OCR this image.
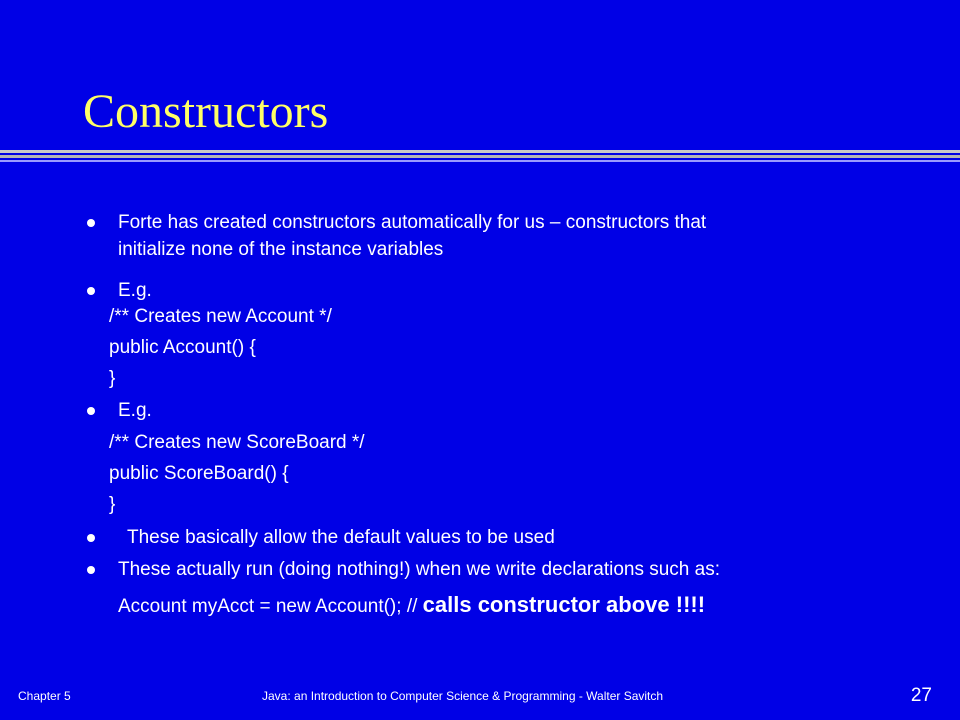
Constructors
Forte has created constructors automatically for us – constructors that
initialize none of the instance variables
E.g.
/** Creates new Account */
public Account() {
}
E.g.
/** Creates new ScoreBoard */
public ScoreBoard() {
}
These basically allow the default values to be used
These actually run (doing nothing!) when we write declarations such as:
Account myAcct = new Account(); // calls constructor above !!!!
Chapter 5	Java: an Introduction to Computer Science & Programming - Walter Savitch	27
